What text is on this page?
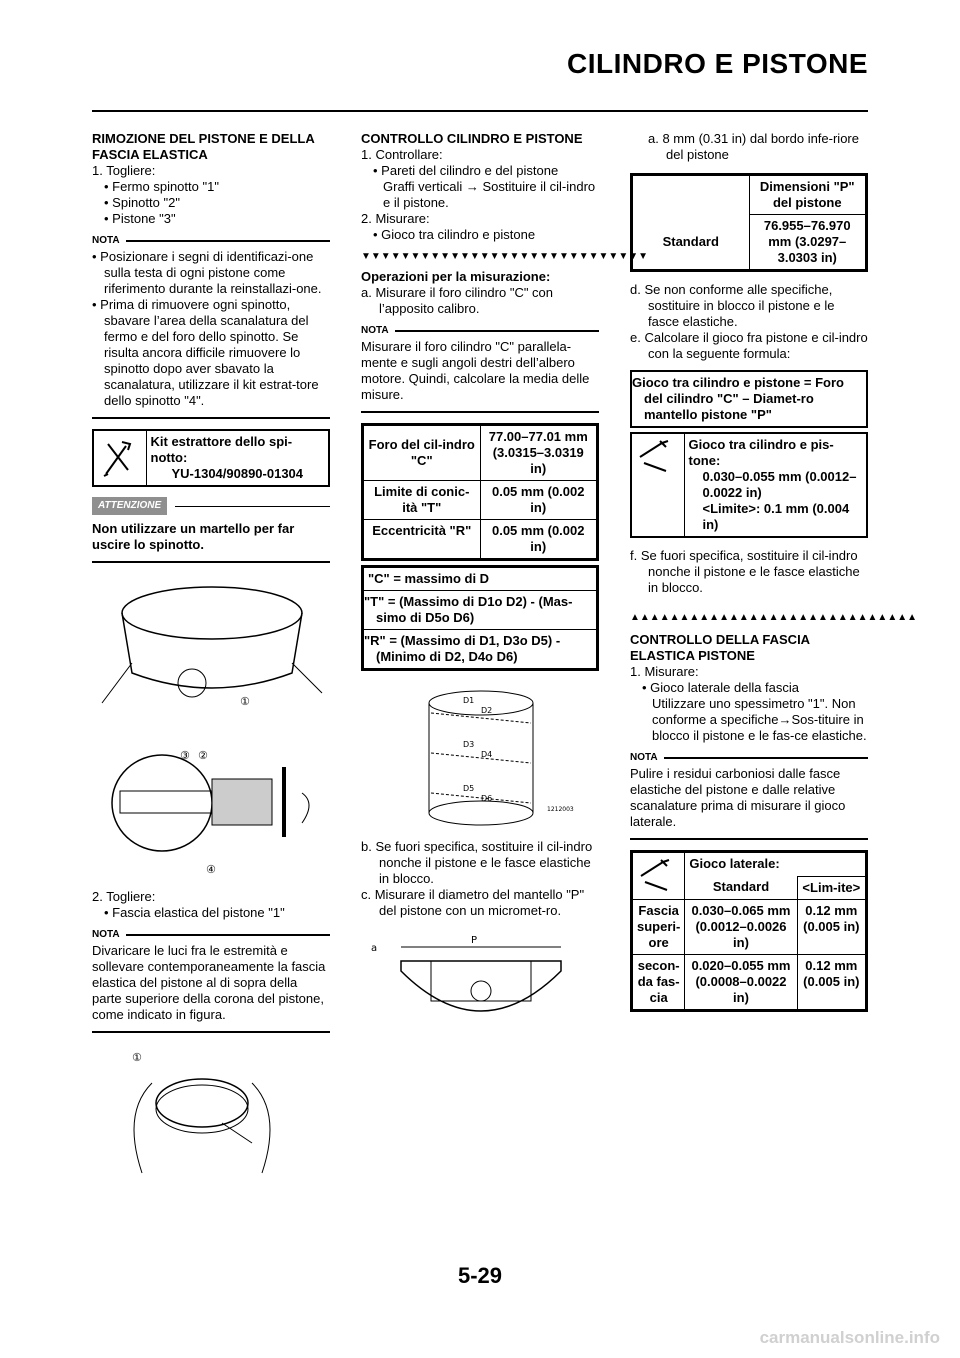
CILINDRO E PISTONE
RIMOZIONE DEL PISTONE E DELLA FASCIA ELASTICA
1. Togliere:
• Fermo spinotto "1"
• Spinotto "2"
• Pistone "3"
NOTA
• Posizionare i segni di identificazi-one sulla testa di ogni pistone come riferimento durante la reinstallazi-one.
• Prima di rimuovere ogni spinotto, sbavare l’area della scanalatura del fermo e del foro dello spinotto. Se risulta ancora difficile rimuovere lo spinotto dopo aver sbavato la scanalatura, utilizzare il kit estrat-tore dello spinotto "4".

Kit estrattore dello spi-notto:
YU-1304/90890-01304
ATTENZIONE
Non utilizzare un martello per far uscire lo spinotto.
①
③ ②
④
2. Togliere:
• Fascia elastica del pistone "1"
NOTA
Divaricare le luci fra le estremità e sollevare contemporaneamente la fascia elastica del pistone al di sopra della parte superiore della corona del pistone, come indicato in figura.
①
CONTROLLO CILINDRO E PISTONE
1. Controllare:
• Pareti del cilindro e del pistone
Graffi verticali → Sostituire il cil-indro e il pistone.
2. Misurare:
• Gioco tra cilindro e pistone
▼▼▼▼▼▼▼▼▼▼▼▼▼▼▼▼▼▼▼▼▼▼▼▼▼▼▼▼▼
Operazioni per la misurazione:
a. Misurare il foro cilindro "C" con l’apposito calibro.
NOTA
Misurare il foro cilindro "C" parallela-mente e sugli angoli destri dell’albero motore. Quindi, calcolare la media delle misure.
Foro del cil-indro "C"	77.00–77.01 mm (3.0315–3.0319 in)
Limite di conic-ità "T"	0.05 mm (0.002 in)
Eccentricità "R"	0.05 mm (0.002 in)
"C" = massimo di D
"T" = (Massimo di D1o D2) - (Mas-simo di D5o D6)
"R" = (Massimo di D1, D3o D5) - (Minimo di D2, D4o D6)
D1
D2
D3
D4
D5
D6
1212003
b. Se fuori specifica, sostituire il cil-indro nonche il pistone e le fasce elastiche in blocco.
c. Misurare il diametro del mantello "P" del pistone con un micromet-ro.
a
P
a. 8 mm (0.31 in) dal bordo infe-riore del pistone
	Dimensioni "P" del pistone
Standard	76.955–76.970 mm (3.0297–3.0303 in)
d. Se non conforme alle specifiche, sostituire in blocco il pistone e le fasce elastiche.
e. Calcolare il gioco fra pistone e cil-indro con la seguente formula:
Gioco tra cilindro e pistone = Foro del cilindro "C" – Diamet-ro mantello pistone "P"

Gioco tra cilindro e pis-tone:
0.030–0.055 mm (0.0012–0.0022 in)
<Limite>: 0.1 mm (0.004 in)
f. Se fuori specifica, sostituire il cil-indro nonche il pistone e le fasce elastiche in blocco.
▲▲▲▲▲▲▲▲▲▲▲▲▲▲▲▲▲▲▲▲▲▲▲▲▲▲▲▲▲
CONTROLLO DELLA FASCIA ELASTICA PISTONE
1. Misurare:
• Gioco laterale della fascia
Utilizzare uno spessimetro "1". Non conforme a specifiche→Sos-tituire in blocco il pistone e le fas-ce elastiche.
NOTA
Pulire i residui carboniosi dalle fasce elastiche del pistone e dalle relative scanalature prima di misurare il gioco laterale.
	Gioco laterale:	
	Standard	<Lim-ite>
Fascia superi-ore	0.030–0.065 mm (0.0012–0.0026 in)	0.12 mm (0.005 in)
secon-da fas-cia	0.020–0.055 mm (0.0008–0.0022 in)	0.12 mm (0.005 in)
5-29
carmanualsonline.info
